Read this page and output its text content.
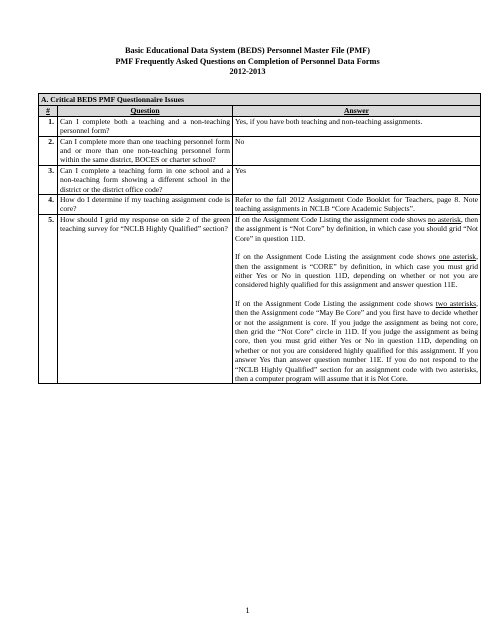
Basic Educational Data System (BEDS) Personnel Master File (PMF)
PMF Frequently Asked Questions on Completion of Personnel Data Forms
2012-2013
A. Critical BEDS PMF Questionnaire Issues		
#	Question	Answer
1.	Can I complete both a teaching and a non-teaching personnel form?	Yes, if you have both teaching and non-teaching assignments.
2.	Can I complete more than one teaching personnel form and or more than one non-teaching personnel form within the same district, BOCES or charter school?	No
3.	Can I complete a teaching form in one school and a non-teaching form showing a different school in the district or the district office code?	Yes
4.	How do I determine if my teaching assignment code is core?	Refer to the fall 2012 Assignment Code Booklet for Teachers, page 8. Note teaching assignments in NCLB “Core Academic Subjects”.
5.	How should I grid my response on side 2 of the green teaching survey for “NCLB Highly Qualified” section?	If on the Assignment Code Listing the assignment code shows no asterisk, then the assignment is “Not Core” by definition, in which case you should grid “Not Core” in question 11D.

If on the Assignment Code Listing the assignment code shows one asterisk, then the assignment is “CORE” by definition, in which case you must grid either Yes or No in question 11D, depending on whether or not you are considered highly qualified for this assignment and answer question 11E.

If on the Assignment Code Listing the assignment code shows two asterisks, then the Assignment code “May Be Core” and you first have to decide whether or not the assignment is core. If you judge the assignment as being not core, then grid the “Not Core” circle in 11D. If you judge the assignment as being core, then you must grid either Yes or No in question 11D, depending on whether or not you are considered highly qualified for this assignment. If you answer Yes than answer question number 11E. If you do not respond to the “NCLB Highly Qualified” section for an assignment code with two asterisks, then a computer program will assume that it is Not Core.

1
